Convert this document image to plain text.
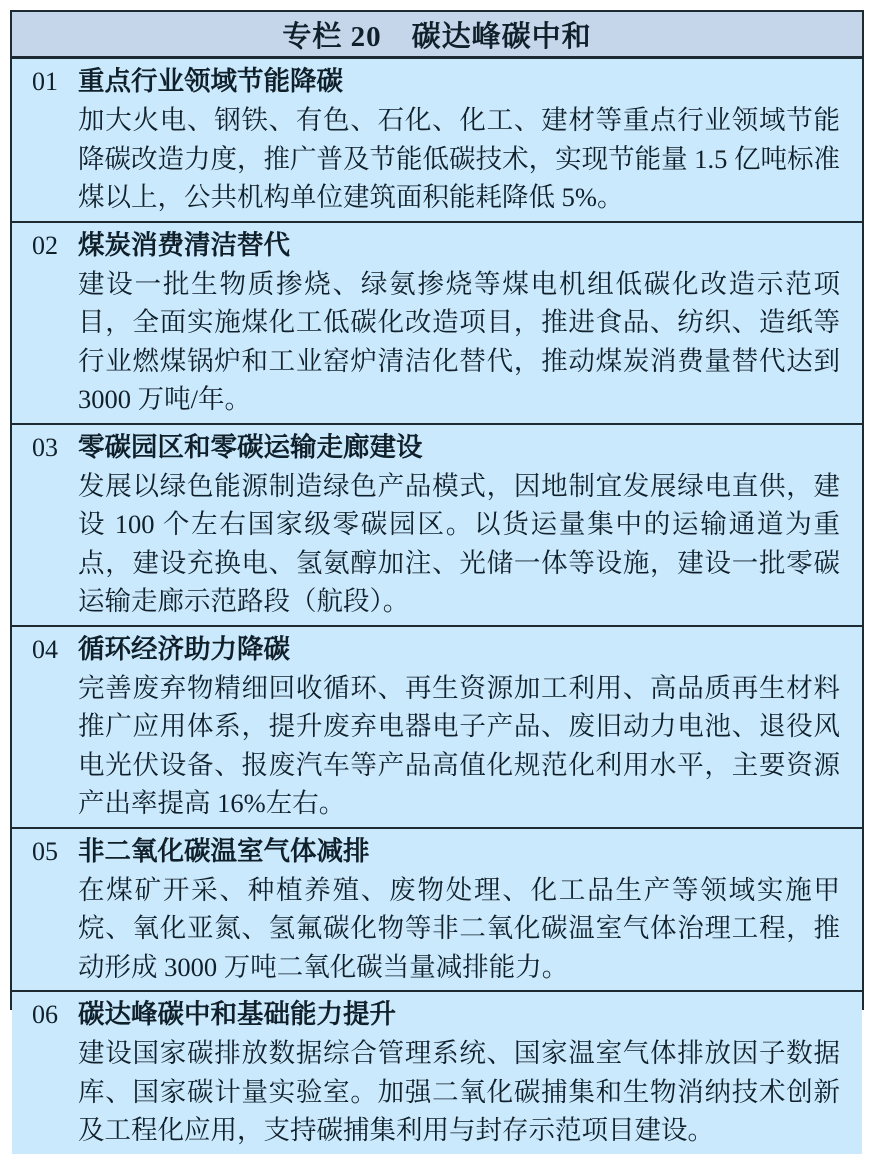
专栏 20　碳达峰碳中和
01 重点行业领域节能降碳
加大火电、钢铁、有色、石化、化工、建材等重点行业领域节能降碳改造力度，推广普及节能低碳技术，实现节能量 1.5 亿吨标准煤以上，公共机构单位建筑面积能耗降低 5%。
02 煤炭消费清洁替代
建设一批生物质掺烧、绿氨掺烧等煤电机组低碳化改造示范项目，全面实施煤化工低碳化改造项目，推进食品、纺织、造纸等行业燃煤锅炉和工业窑炉清洁化替代，推动煤炭消费量替代达到 3000 万吨/年。
03 零碳园区和零碳运输走廊建设
发展以绿色能源制造绿色产品模式，因地制宜发展绿电直供，建设 100 个左右国家级零碳园区。以货运量集中的运输通道为重点，建设充换电、氢氨醇加注、光储一体等设施，建设一批零碳运输走廊示范路段（航段）。
04 循环经济助力降碳
完善废弃物精细回收循环、再生资源加工利用、高品质再生材料推广应用体系，提升废弃电器电子产品、废旧动力电池、退役风电光伏设备、报废汽车等产品高值化规范化利用水平，主要资源产出率提高 16%左右。
05 非二氧化碳温室气体减排
在煤矿开采、种植养殖、废物处理、化工品生产等领域实施甲烷、氧化亚氮、氢氟碳化物等非二氧化碳温室气体治理工程，推动形成 3000 万吨二氧化碳当量减排能力。
06 碳达峰碳中和基础能力提升
建设国家碳排放数据综合管理系统、国家温室气体排放因子数据库、国家碳计量实验室。加强二氧化碳捕集和生物消纳技术创新及工程化应用，支持碳捕集利用与封存示范项目建设。
